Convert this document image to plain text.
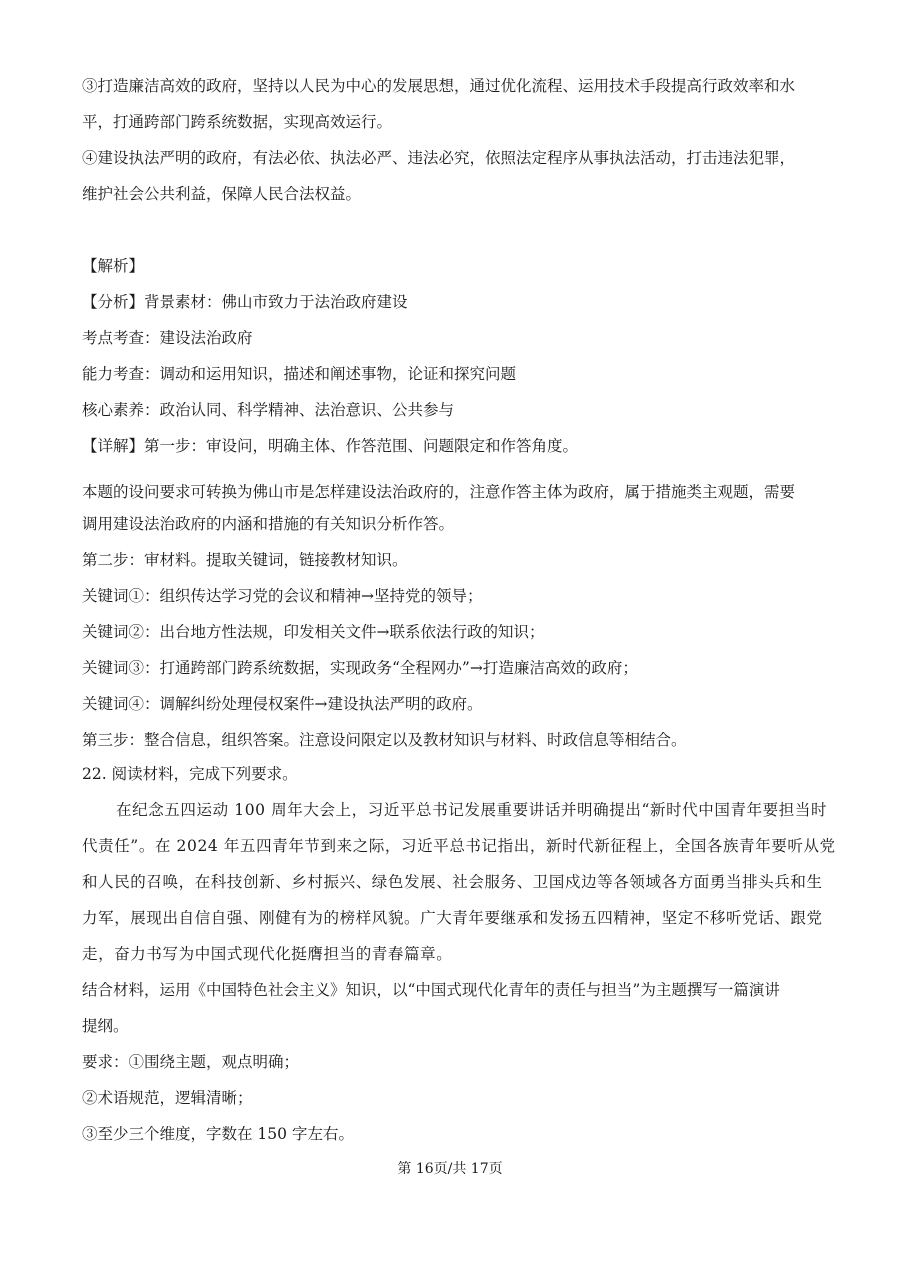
③打造廉洁高效的政府，坚持以人民为中心的发展思想，通过优化流程、运用技术手段提高行政效率和水
平，打通跨部门跨系统数据，实现高效运行。
④建设执法严明的政府，有法必依、执法必严、违法必究，依照法定程序从事执法活动，打击违法犯罪，
维护社会公共利益，保障人民合法权益。
【解析】
【分析】背景素材：佛山市致力于法治政府建设
考点考查：建设法治政府
能力考查：调动和运用知识，描述和阐述事物，论证和探究问题
核心素养：政治认同、科学精神、法治意识、公共参与
【详解】第一步：审设问，明确主体、作答范围、问题限定和作答角度。
本题的设问要求可转换为佛山市是怎样建设法治政府的，注意作答主体为政府，属于措施类主观题，需要
调用建设法治政府的内涵和措施的有关知识分析作答。
第二步：审材料。提取关键词，链接教材知识。
关键词①：组织传达学习党的会议和精神→坚持党的领导；
关键词②：出台地方性法规，印发相关文件→联系依法行政的知识；
关键词③：打通跨部门跨系统数据，实现政务“全程网办”→打造廉洁高效的政府；
关键词④：调解纠纷处理侵权案件→建设执法严明的政府。
第三步：整合信息，组织答案。注意设问限定以及教材知识与材料、时政信息等相结合。
22. 阅读材料，完成下列要求。
在纪念五四运动 100 周年大会上，习近平总书记发展重要讲话并明确提出“新时代中国青年要担当时
代责任”。在 2024 年五四青年节到来之际，习近平总书记指出，新时代新征程上，全国各族青年要听从党
和人民的召唤，在科技创新、乡村振兴、绿色发展、社会服务、卫国戍边等各领域各方面勇当排头兵和生
力军，展现出自信自强、刚健有为的榜样风貌。广大青年要继承和发扬五四精神，坚定不移听党话、跟党
走，奋力书写为中国式现代化挺膺担当的青春篇章。
结合材料，运用《中国特色社会主义》知识，以“中国式现代化青年的责任与担当”为主题撰写一篇演讲
提纲。
要求：①围绕主题，观点明确；
②术语规范，逻辑清晰；
③至少三个维度，字数在 150 字左右。
第 16页/共 17页
